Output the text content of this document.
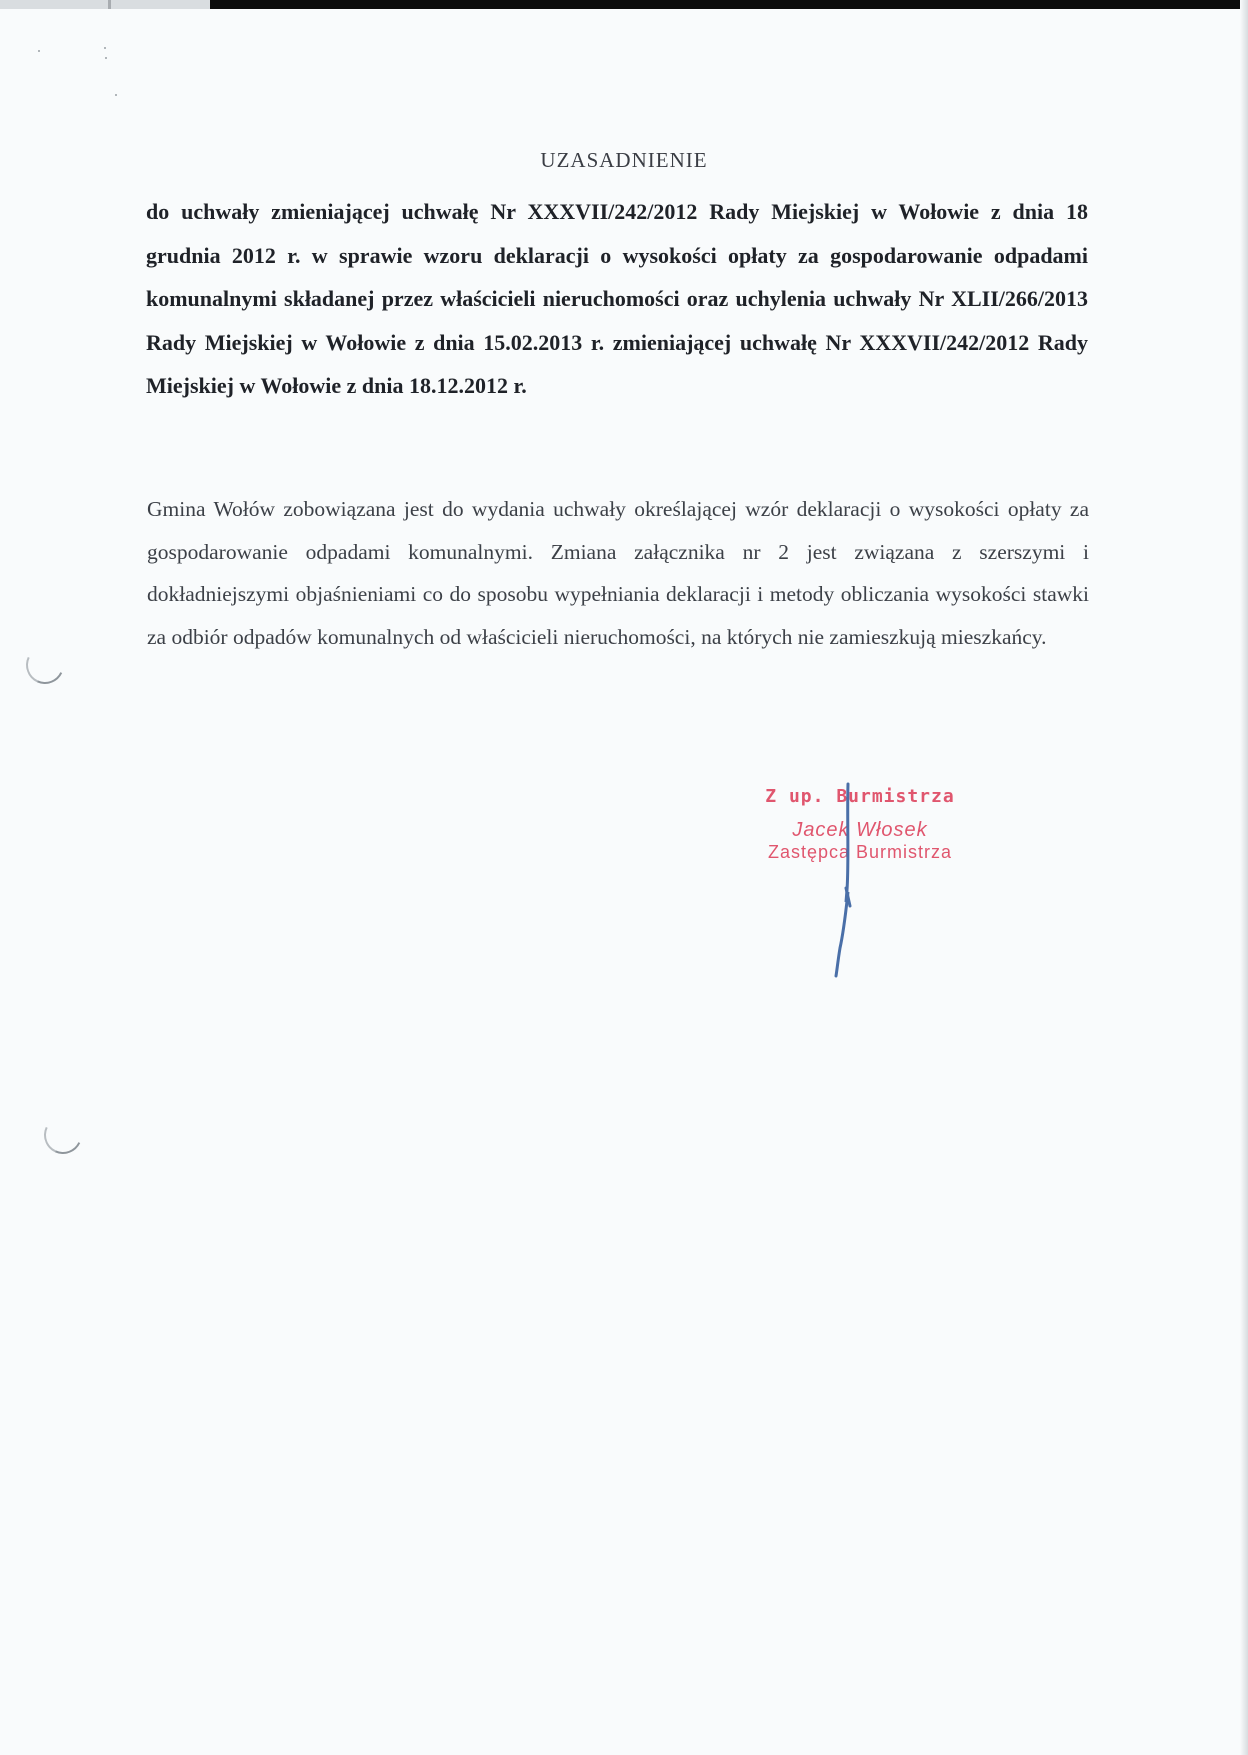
UZASADNIENIE
do uchwały zmieniającej uchwałę Nr XXXVII/242/2012 Rady Miejskiej w Wołowie z dnia 18 grudnia 2012 r. w sprawie wzoru deklaracji o wysokości opłaty za gospodarowanie odpadami komunalnymi składanej przez właścicieli nieruchomości oraz uchylenia uchwały Nr XLII/266/2013 Rady Miejskiej w Wołowie z dnia 15.02.2013 r. zmieniającej uchwałę Nr XXXVII/242/2012 Rady Miejskiej w Wołowie z dnia 18.12.2012 r.
Gmina Wołów zobowiązana jest do wydania uchwały określającej wzór deklaracji o wysokości opłaty za gospodarowanie odpadami komunalnymi. Zmiana załącznika nr 2 jest związana z szerszymi i dokładniejszymi objaśnieniami co do sposobu wypełniania deklaracji i metody obliczania wysokości stawki za odbiór odpadów komunalnych od właścicieli nieruchomości, na których nie zamieszkują mieszkańcy.
Z up. Burmistrza
Jacek Włosek
Zastępca Burmistrza
